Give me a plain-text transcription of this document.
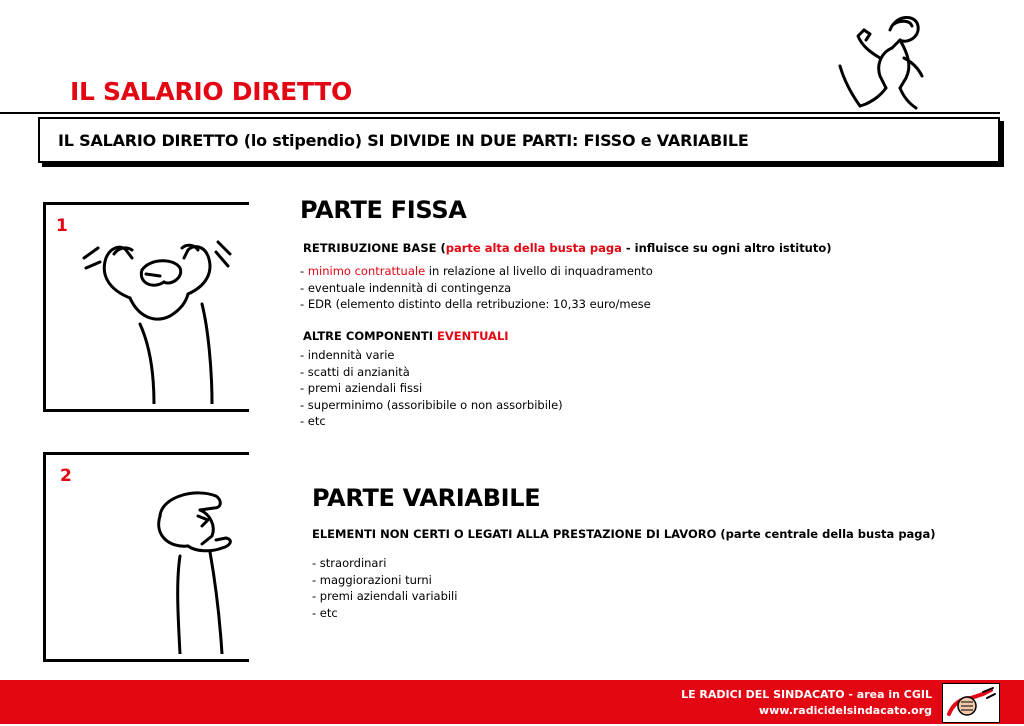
IL SALARIO DIRETTO
IL SALARIO DIRETTO (lo stipendio) SI DIVIDE IN DUE PARTI: FISSO e VARIABILE
1
PARTE FISSA
RETRIBUZIONE BASE (parte alta della busta paga - influisce su ogni altro istituto)
- minimo contrattuale in relazione al livello di inquadramento
- eventuale indennità di contingenza
- EDR (elemento distinto della retribuzione: 10,33 euro/mese
ALTRE COMPONENTI EVENTUALI
- indennità varie
- scatti di anzianità
- premi aziendali fissi
- superminimo (assoribibile o non assorbibile)
- etc
2
PARTE VARIABILE
ELEMENTI NON CERTI O LEGATI ALLA PRESTAZIONE DI LAVORO (parte centrale della busta paga)
- straordinari
- maggiorazioni turni
- premi aziendali variabili
- etc
LE RADICI DEL SINDACATO - area in CGIL
www.radicidelsindacato.org
